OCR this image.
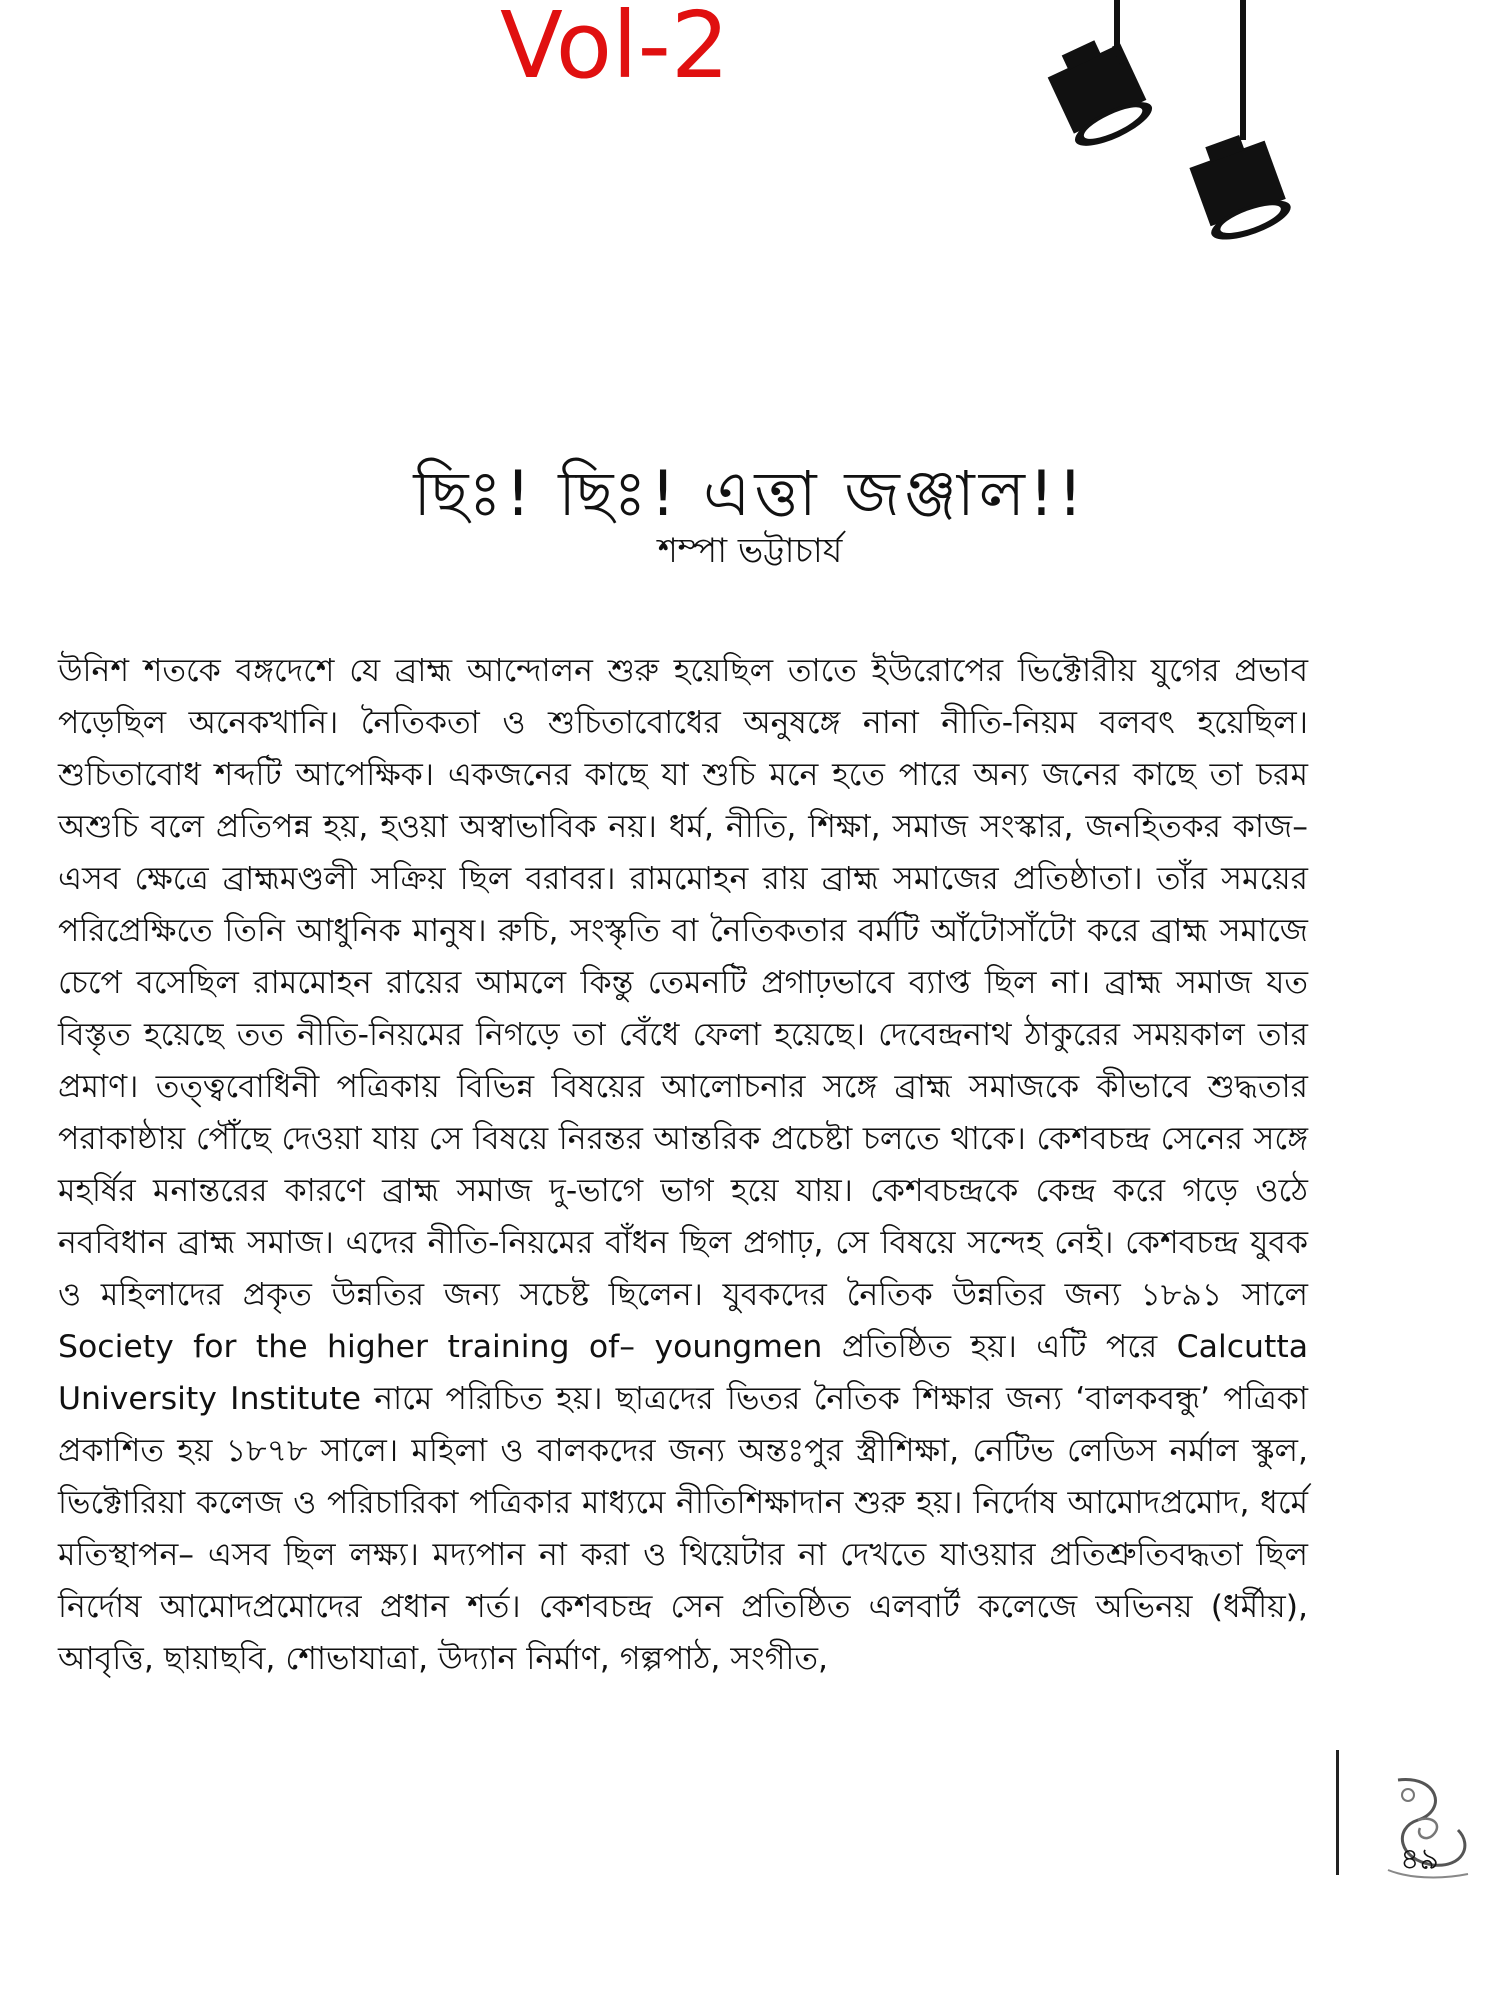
Vol-2
ছিঃ! ছিঃ! এত্তা জঞ্জাল!!
শম্পা ভট্টাচার্য

উনিশ শতকে বঙ্গদেশে যে ব্রাহ্ম আন্দোলন শুরু হয়েছিল তাতে ইউরোপের ভিক্টোরীয় যুগের প্রভাব পড়েছিল অনেকখানি। নৈতিকতা ও শুচিতাবোধের অনুষঙ্গে নানা নীতি-নিয়ম বলবৎ হয়েছিল। শুচিতাবোধ শব্দটি আপেক্ষিক। একজনের কাছে যা শুচি মনে হতে পারে অন্য জনের কাছে তা চরম অশুচি বলে প্রতিপন্ন হয়, হওয়া অস্বাভাবিক নয়। ধর্ম, নীতি, শিক্ষা, সমাজ সংস্কার, জনহিতকর কাজ– এসব ক্ষেত্রে ব্রাহ্মমণ্ডলী সক্রিয় ছিল বরাবর। রামমোহন রায় ব্রাহ্ম সমাজের প্রতিষ্ঠাতা। তাঁর সময়ের পরিপ্রেক্ষিতে তিনি আধুনিক মানুষ। রুচি, সংস্কৃতি বা নৈতিকতার বর্মটি আঁটোসাঁটো করে ব্রাহ্ম সমাজে চেপে বসেছিল রামমোহন রায়ের আমলে কিন্তু তেমনটি প্রগাঢ়ভাবে ব্যাপ্ত ছিল না। ব্রাহ্ম সমাজ যত বিস্তৃত হয়েছে তত নীতি-নিয়মের নিগড়ে তা বেঁধে ফেলা হয়েছে। দেবেন্দ্রনাথ ঠাকুরের সময়কাল তার প্রমাণ। তত্ত্ববোধিনী পত্রিকায় বিভিন্ন বিষয়ের আলোচনার সঙ্গে ব্রাহ্ম সমাজকে কীভাবে শুদ্ধতার পরাকাষ্ঠায় পৌঁছে দেওয়া যায় সে বিষয়ে নিরন্তর আন্তরিক প্রচেষ্টা চলতে থাকে। কেশবচন্দ্র সেনের সঙ্গে মহর্ষির মনান্তরের কারণে ব্রাহ্ম সমাজ দু-ভাগে ভাগ হয়ে যায়। কেশবচন্দ্রকে কেন্দ্র করে গড়ে ওঠে নববিধান ব্রাহ্ম সমাজ। এদের নীতি-নিয়মের বাঁধন ছিল প্রগাঢ়, সে বিষয়ে সন্দেহ নেই। কেশবচন্দ্র যুবক ও মহিলাদের প্রকৃত উন্নতির জন্য সচেষ্ট ছিলেন। যুবকদের নৈতিক উন্নতির জন্য ১৮৯১ সালে Society for the higher training of– youngmen প্রতিষ্ঠিত হয়। এটি পরে Calcutta University Institute নামে পরিচিত হয়। ছাত্রদের ভিতর নৈতিক শিক্ষার জন্য ‘বালকবন্ধু’ পত্রিকা প্রকাশিত হয় ১৮৭৮ সালে। মহিলা ও বালকদের জন্য অন্তঃপুর স্ত্রীশিক্ষা, নেটিভ লেডিস নর্মাল স্কুল, ভিক্টোরিয়া কলেজ ও পরিচারিকা পত্রিকার মাধ্যমে নীতিশিক্ষাদান শুরু হয়। নির্দোষ আমোদপ্রমোদ, ধর্মে মতিস্থাপন– এসব ছিল লক্ষ্য। মদ্যপান না করা ও থিয়েটার না দেখতে যাওয়ার প্রতিশ্রুতিবদ্ধতা ছিল নির্দোষ আমোদপ্রমোদের প্রধান শর্ত। কেশবচন্দ্র সেন প্রতিষ্ঠিত এলবার্ট কলেজে অভিনয় (ধর্মীয়), আবৃত্তি, ছায়াছবি, শোভাযাত্রা, উদ্যান নির্মাণ, গল্পপাঠ, সংগীত,

৪৯
